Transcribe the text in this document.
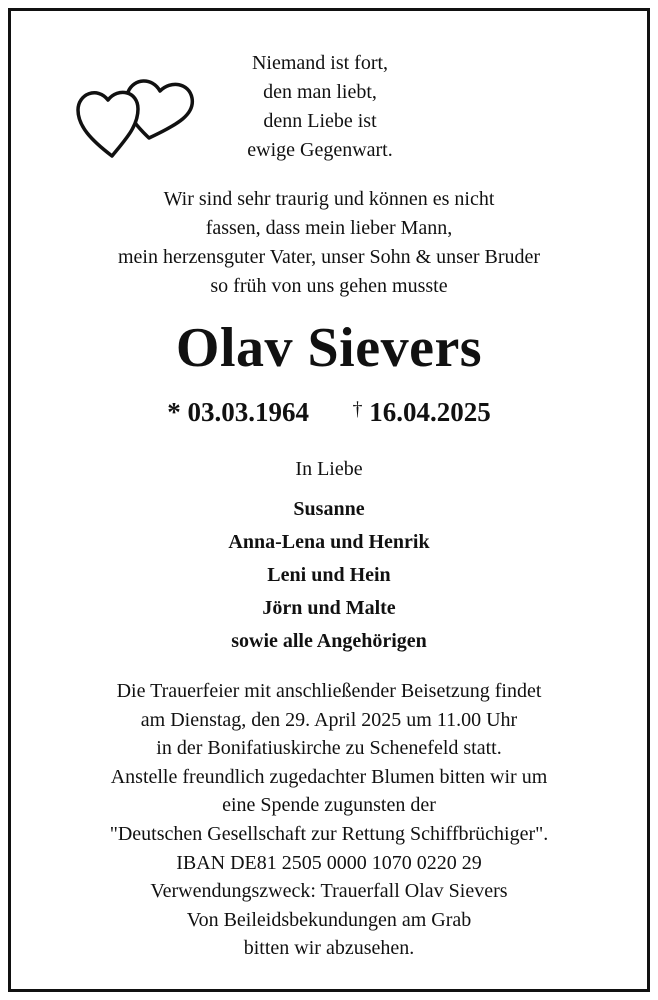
Niemand ist fort,
den man liebt,
denn Liebe ist
ewige Gegenwart.
Wir sind sehr traurig und können es nicht
fassen, dass mein lieber Mann,
mein herzensguter Vater, unser Sohn & unser Bruder
so früh von uns gehen musste
Olav Sievers
* 03.03.1964 † 16.04.2025
In Liebe
Susanne
Anna-Lena und Henrik
Leni und Hein
Jörn und Malte
sowie alle Angehörigen
Die Trauerfeier mit anschließender Beisetzung findet
am Dienstag, den 29. April 2025 um 11.00 Uhr
in der Bonifatiuskirche zu Schenefeld statt.
Anstelle freundlich zugedachter Blumen bitten wir um
eine Spende zugunsten der
"Deutschen Gesellschaft zur Rettung Schiffbrüchiger".
IBAN DE81 2505 0000 1070 0220 29
Verwendungszweck: Trauerfall Olav Sievers
Von Beileidsbekundungen am Grab
bitten wir abzusehen.
